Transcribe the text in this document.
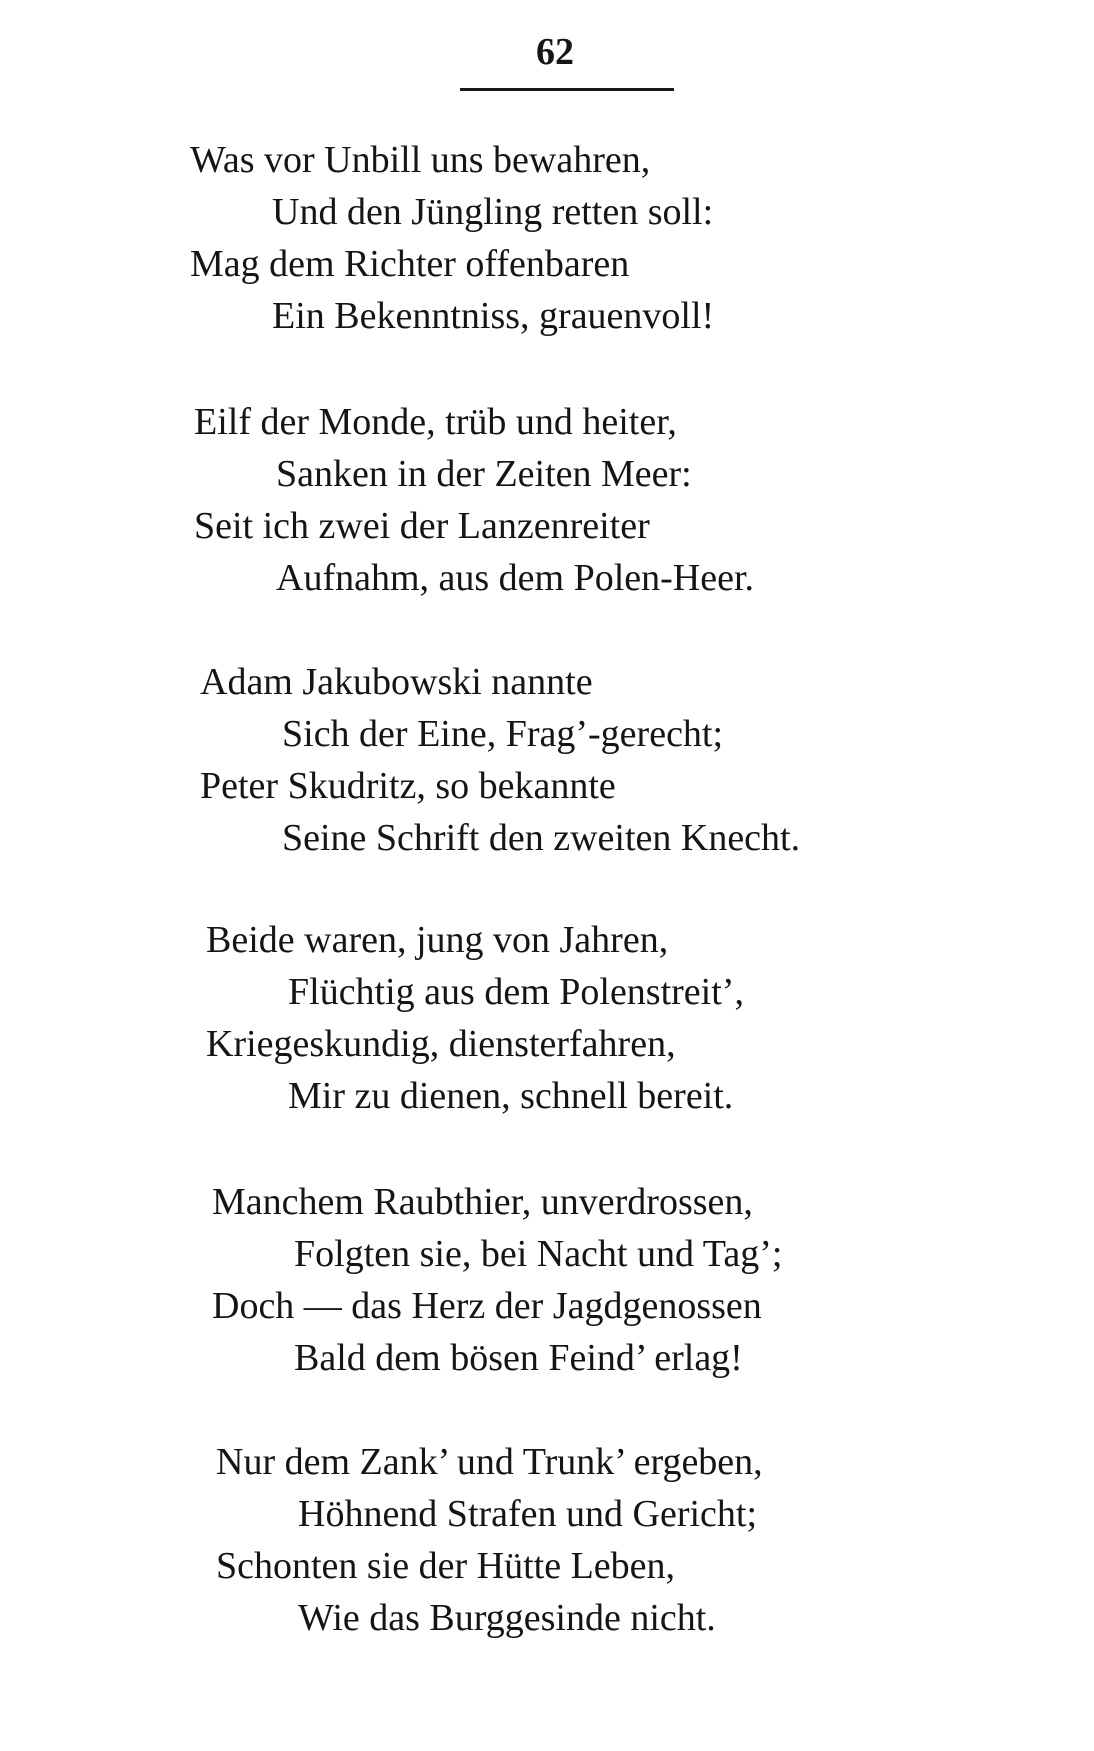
62
Was vor Unbill uns bewahren,
Und den Jüngling retten soll:
Mag dem Richter offenbaren
Ein Bekenntniss, grauenvoll!
Eilf der Monde, trüb und heiter,
Sanken in der Zeiten Meer:
Seit ich zwei der Lanzenreiter
Aufnahm, aus dem Polen-Heer.
Adam Jakubowski nannte
Sich der Eine, Frag’-gerecht;
Peter Skudritz, so bekannte
Seine Schrift den zweiten Knecht.
Beide waren, jung von Jahren,
Flüchtig aus dem Polenstreit’,
Kriegeskundig, diensterfahren,
Mir zu dienen, schnell bereit.
Manchem Raubthier, unverdrossen,
Folgten sie, bei Nacht und Tag’;
Doch — das Herz der Jagdgenossen
Bald dem bösen Feind’ erlag!
Nur dem Zank’ und Trunk’ ergeben,
Höhnend Strafen und Gericht;
Schonten sie der Hütte Leben,
Wie das Burggesinde nicht.
